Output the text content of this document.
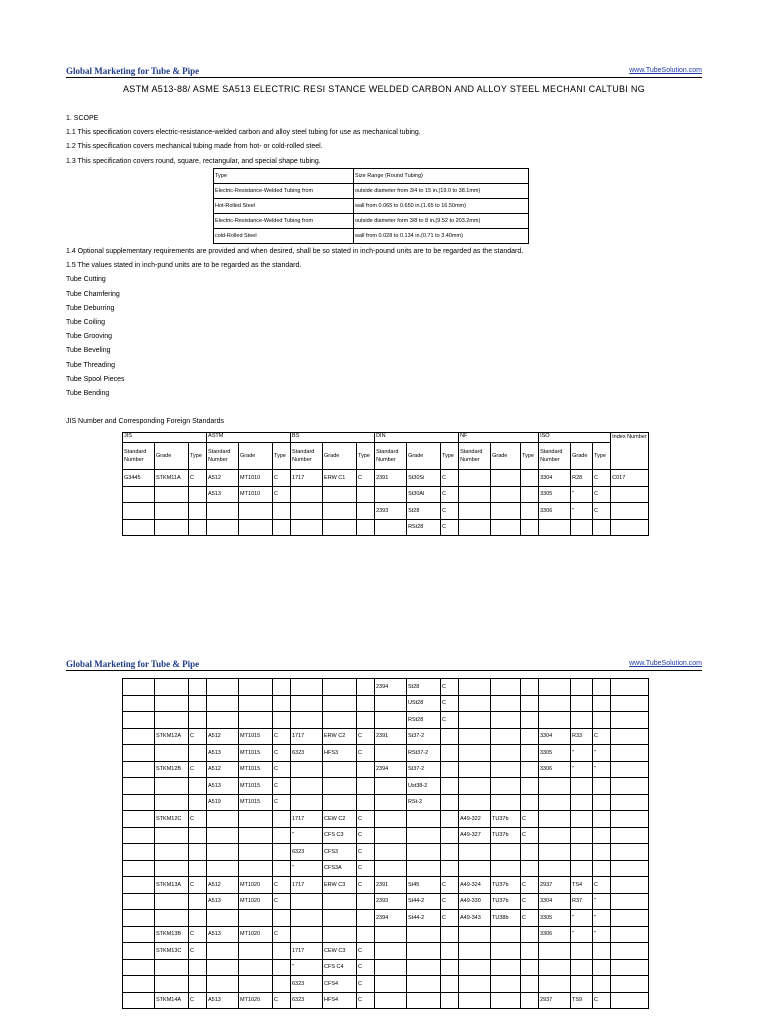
Global Marketing for Tube & Pipe	www.TubeSolution.com
ASTM A513-88/ ASME SA513 ELECTRIC RESI STANCE WELDED CARBON AND ALLOY STEEL MECHANI CALTUBI NG
1. SCOPE
1.1 This specification covers electric-resistance-welded carbon and alloy steel tubing for use as mechanical tubing.
1.2 This specification covers mechanical tubing made from hot- or cold-rolled steel.
1.3 This specification covers round, square, rectangular, and special shape tubing.
Type	Size Range (Round Tubing)
Electric-Resistance-Welded Tubing from	outside diameter from 3/4 to 15 in.(19.0 to 38.1mm)
Hot-Rolled Steel	wall from 0.065 to 0.650 in.(1.65 to 16.50mm)
Electric-Resistance-Welded Tubing from	outside diameter form 3/8 to 8 in.(9.52 to 203.2mm)
cold-Rolled Steel	wall from 0.028 to 0.134 in.(0.71 to 3.40mm)
1.4 Optional supplementary requirements are provided and when desired, shall be so stated in inch-pound units are to be regarded as the standard.
1.5 The values stated in inch-pund units are to be regarded as the standard.
Tube Cutting
Tube Chamfering
Tube Deburring
Tube Coiling
Tube Grooving
Tube Beveling
Tube Threading
Tube Spool Pieces
Tube Bending
JIS Number and Corresponding Foreign Standards
JIS			ASTM			BS			DIN			NF			ISO			Index Number
Standard Number	Grade	Type	Standard Number	Grade	Type	Standard Number	Grade	Type	Standard Number	Grade	Type	Standard Number	Grade	Type	Standard Number	Grade	Type	
G3445	STKM11A	C	A512	MT1010	C	1717	ERW C1	C	2391	St30Si	C				3304	R28	C	C017
			A513	MT1010	C					St30Al	C				3305	"	C	
									2393	St28	C				3306	"	C	
										RSt28	C							
Global Marketing for Tube & Pipe	www.TubeSolution.com
									2394	St28	C							
										USt28	C							
										RSt28	C							
	STKM12A	C	A512	MT1015	C	1717	ERW C2	C	2391	St37-2					3304	R33	C	
			A513	MT1015	C	6323	HFS3	C		RSt37-2					3305	"	"	
	STKM12B	C	A512	MT1015	C				2394	St37-2					3306	"	"	
			A513	MT1015	C					Ust38-2								
			A519	MT1015	C					RSt-2								
	STKM12C	C				1717	CEW C2	C				A49-322	TU37b	C				
						"	CFS C3	C				A49-327	TU37b	C				
						6323	CFS3	C										
						"	CFS3A	C										
	STKM13A	C	A512	MT1020	C	1717	ERW C3	C	2391	St45	C	A49-324	TU37b	C	2937	TS4	C	
			A513	MT1020	C				2393	St44-2	C	A49-330	TU37b	C	3304	R37	"	
									2394	St44-2	C	A49-343	TU38b	C	3305	"	"	
	STKM13B	C	A513	MT1020	C										3306	"	"	
	STKM13C	C				1717	CEW C3	C										
						"	CFS C4	C										
						6323	CFS4	C										
	STKM14A	C	A513	MT1020	C	6323	HFS4	C							2937	TS9	C	
